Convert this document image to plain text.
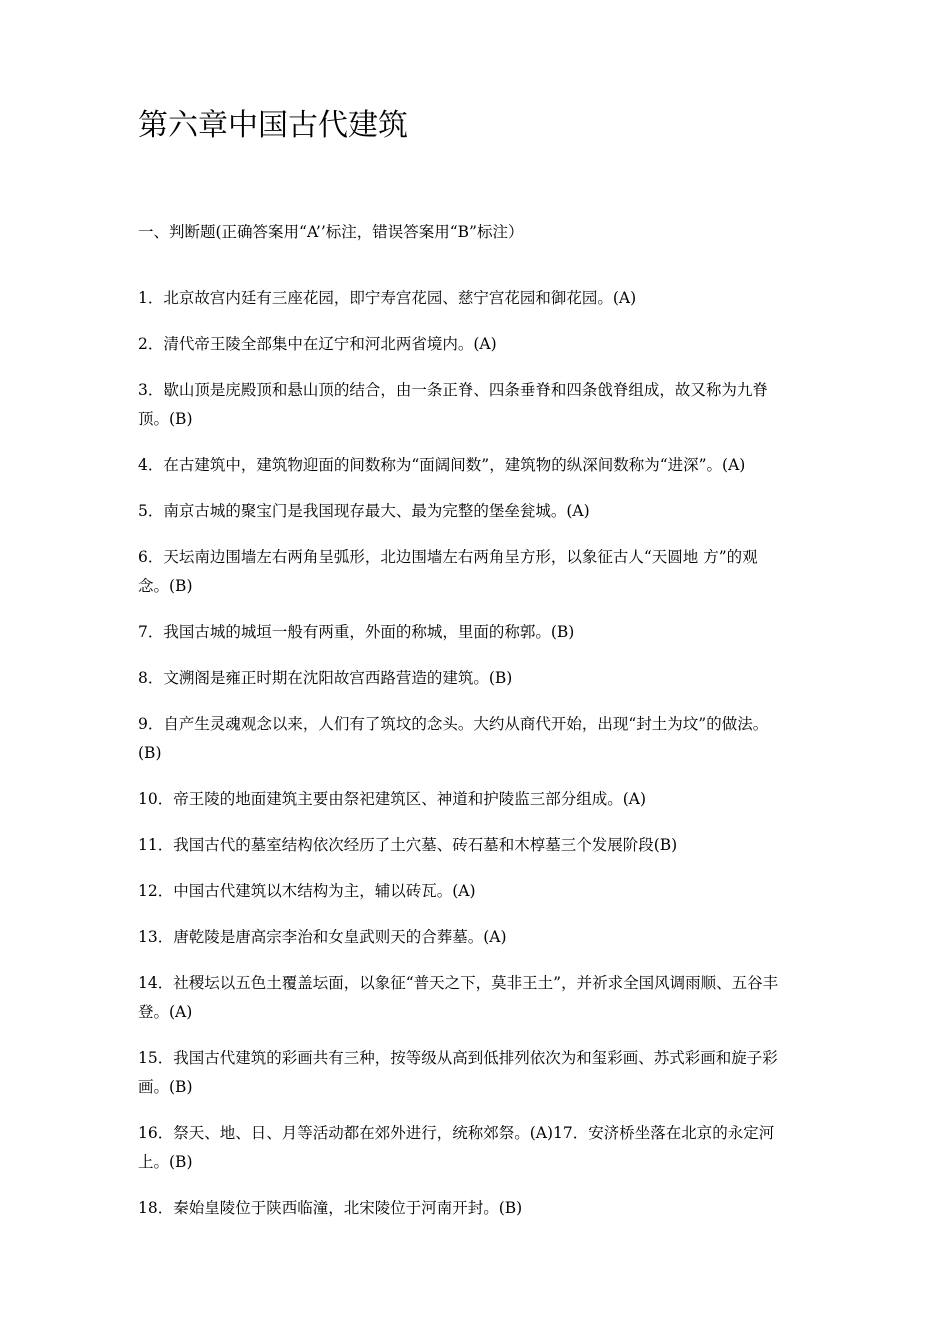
第六章中国古代建筑

一、判断题(正确答案用“A’’标注，错误答案用“B”标注）

1．北京故宫内廷有三座花园，即宁寿宫花园、慈宁宫花园和御花园。(A)
2．清代帝王陵全部集中在辽宁和河北两省境内。(A)
3．歇山顶是庑殿顶和悬山顶的结合，由一条正脊、四条垂脊和四条戗脊组成，故又称为九脊顶。(B)
4．在古建筑中，建筑物迎面的间数称为“面阔间数”，建筑物的纵深间数称为“进深”。(A)
5．南京古城的聚宝门是我国现存最大、最为完整的堡垒瓮城。(A)
6．天坛南边围墙左右两角呈弧形，北边围墙左右两角呈方形，以象征古人“天圆地 方”的观念。(B)
7．我国古城的城垣一般有两重，外面的称城，里面的称郭。(B)
8．文溯阁是雍正时期在沈阳故宫西路营造的建筑。(B)
9．自产生灵魂观念以来，人们有了筑坟的念头。大约从商代开始，出现“封土为坟”的做法。(B)
10．帝王陵的地面建筑主要由祭祀建筑区、神道和护陵监三部分组成。(A)
11．我国古代的墓室结构依次经历了土穴墓、砖石墓和木椁墓三个发展阶段(B)
12．中国古代建筑以木结构为主，辅以砖瓦。(A)
13．唐乾陵是唐高宗李治和女皇武则天的合葬墓。(A)
14．社稷坛以五色土覆盖坛面，以象征“普天之下，莫非王土”，并祈求全国风调雨顺、五谷丰登。(A)
15．我国古代建筑的彩画共有三种，按等级从高到低排列依次为和玺彩画、苏式彩画和旋子彩画。(B)
16．祭天、地、日、月等活动都在郊外进行，统称郊祭。(A)17．安济桥坐落在北京的永定河上。(B)
18．秦始皇陵位于陕西临潼，北宋陵位于河南开封。(B)
